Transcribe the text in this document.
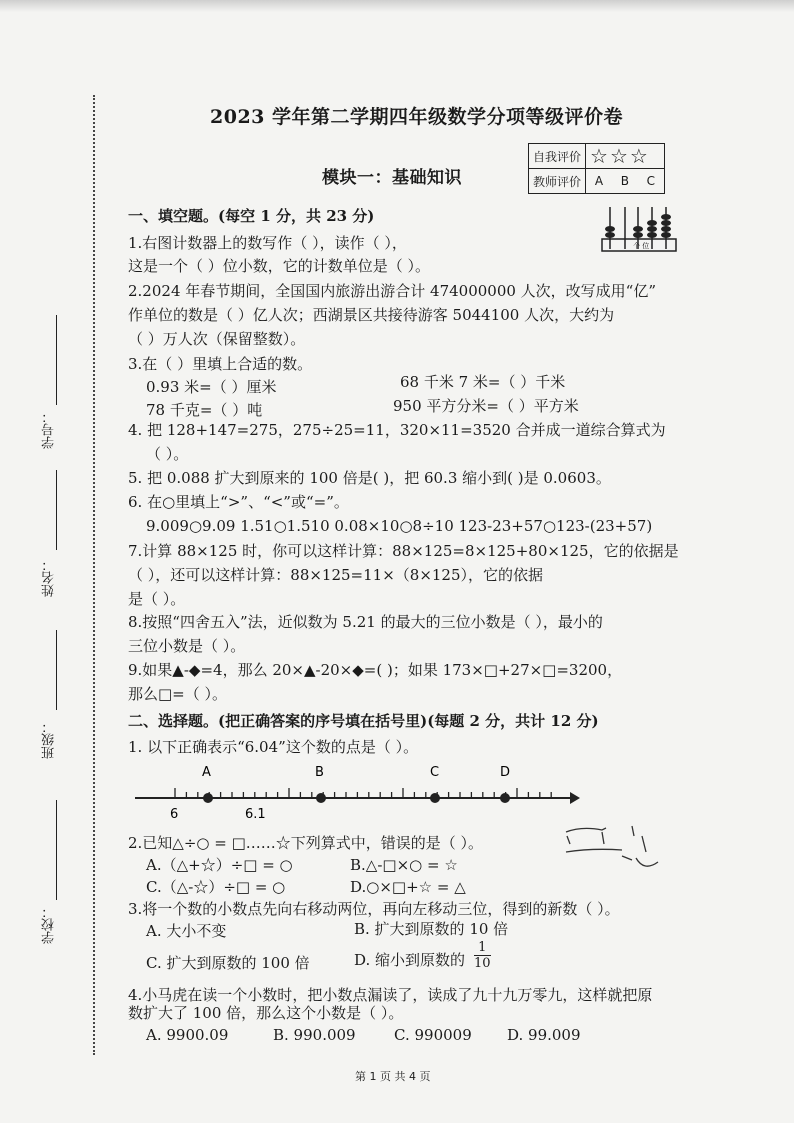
学号：
姓名：
班级：
学校：
2023 学年第二学期四年级数学分项等级评价卷
模块一：基础知识
自我评价	☆☆☆		
教师评价	A	B	C
一、填空题。(每空 1 分，共 23 分)
个 位
1.右图计数器上的数写作（ ），读作（ ），
这是一个（ ）位小数，它的计数单位是（ ）。
2.2024 年春节期间，全国国内旅游出游合计 474000000 人次，改写成用“亿”
作单位的数是（ ）亿人次；西湖景区共接待游客 5044100 人次，大约为
（ ）万人次（保留整数）。
3.在（ ）里填上合适的数。
0.93 米=（ ）厘米	68 千米 7 米=（ ）千米
78 千克=（ ）吨	950 平方分米=（ ）平方米
4. 把 128+147=275，275÷25=11，320×11=3520 合并成一道综合算式为
（ ）。
5. 把 0.088 扩大到原来的 100 倍是( )，把 60.3 缩小到( )是 0.0603。
6. 在○里填上“>”、“<”或“=”。
9.009○9.09 1.51○1.510 0.08×10○8÷10 123-23+57○123-(23+57)
7.计算 88×125 时，你可以这样计算：88×125=8×125+80×125，它的依据是
（ ），还可以这样计算：88×125=11×（8×125），它的依据
是（ ）。
8.按照“四舍五入”法，近似数为 5.21 的最大的三位小数是（ ），最小的
三位小数是（ ）。
9.如果▲-◆=4，那么 20×▲-20×◆=( )；如果 173×□+27×□=3200，
那么□=（ ）。
二、选择题。(把正确答案的序号填在括号里)(每题 2 分，共计 12 分)
1. 以下正确表示“6.04”这个数的点是（ ）。
A	B	C	D
6	6.1
2.已知△÷○ = □……☆下列算式中，错误的是（ ）。
A.（△+☆）÷□ = ○	B.△-□×○ = ☆
C.（△-☆）÷□ = ○	D.○×□+☆ = △
3.将一个数的小数点先向右移动两位，再向左移动三位，得到的新数（ ）。
A. 大小不变	B. 扩大到原数的 10 倍
C. 扩大到原数的 100 倍	D. 缩小到原数的 $\frac{1}{10}$
4.小马虎在读一个小数时，把小数点漏读了，读成了九十九万零九，这样就把原
数扩大了 100 倍，那么这个小数是（ ）。
A. 9900.09	B. 990.009	C. 990009 D. 99.009
第 1 页 共 4 页
